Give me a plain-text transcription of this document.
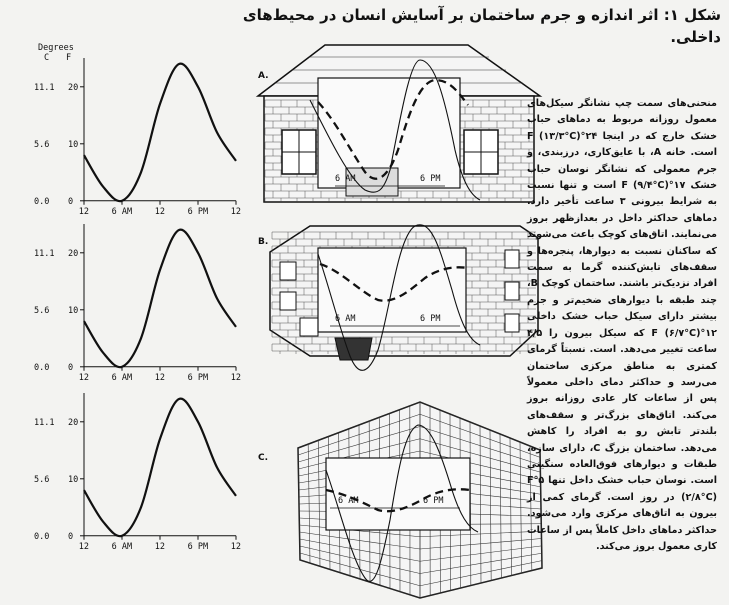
شکل ۱: اثر اندازه و جرم ساختمان بر آسایش انسان در محیط‌های داخلی.
Degrees
C F
11.1 20
5.6 10
0.0 0
12	6 AM	12	6 PM	12
11.1 20
5.6 10
0.0 0
12	6 AM	12	6 PM	12
11.1 20
5.6 10
0.0 0
12	6 AM	12	6 PM	12
A.
6 AM	6 PM
B.
6 AM	6 PM
C.
6 AM	6 PM
منحنی‌های سمت چپ نشانگر سیکل‌های معمول روزانه مربوط به دماهای حباب خشک خارج که در اینجا ۲۴°F (۱۳/۳°C) است. خانه A، با عایق‌کاری، درزبندی، و جرم معمولی که نشانگر نوسان حباب خشک ۱۷°F (۹/۴°C) است و تنها نسبت به شرایط بیرونی ۳ ساعت تأخیر دارد. دماهای حداکثر داخل در بعدازظهر بروز می‌نمایند. اتاق‌های کوچک باعث می‌شوند که ساکنان نسبت به دیوارها، پنجره‌ها و سقف‌های تابش‌کننده گرما به سمت افراد نزدیک‌تر باشند. ساختمان کوچک B، چند طبقه با دیوارهای ضخیم‌تر و جرم بیشتر دارای سیکل حباب خشک داخلی ۱۲°F (۶/۷°C) که سیکل بیرون را ۴/۵ ساعت تغییر می‌دهد. است. نسبتاً گرمای کمتری به مناطق مرکزی ساختمان می‌رسد و حداکثر دمای داخلی معمولاً پس از ساعات کار عادی روزانه بروز می‌کند. اتاق‌های بزرگ‌تر و سقف‌های بلندتر تابش رو به افراد را کاهش می‌دهد. ساختمان بزرگ C، دارای سازه، طبقات و دیوارهای فوق‌العاده سنگینی است. نوسان حباب خشک داخل تنها ۵°F (۲/۸°C) در روز است. گرمای کمی از بیرون به اتاق‌های مرکزی وارد می‌شود. حداکثر دماهای داخل کاملاً پس از ساعات کاری معمول بروز می‌کند.
